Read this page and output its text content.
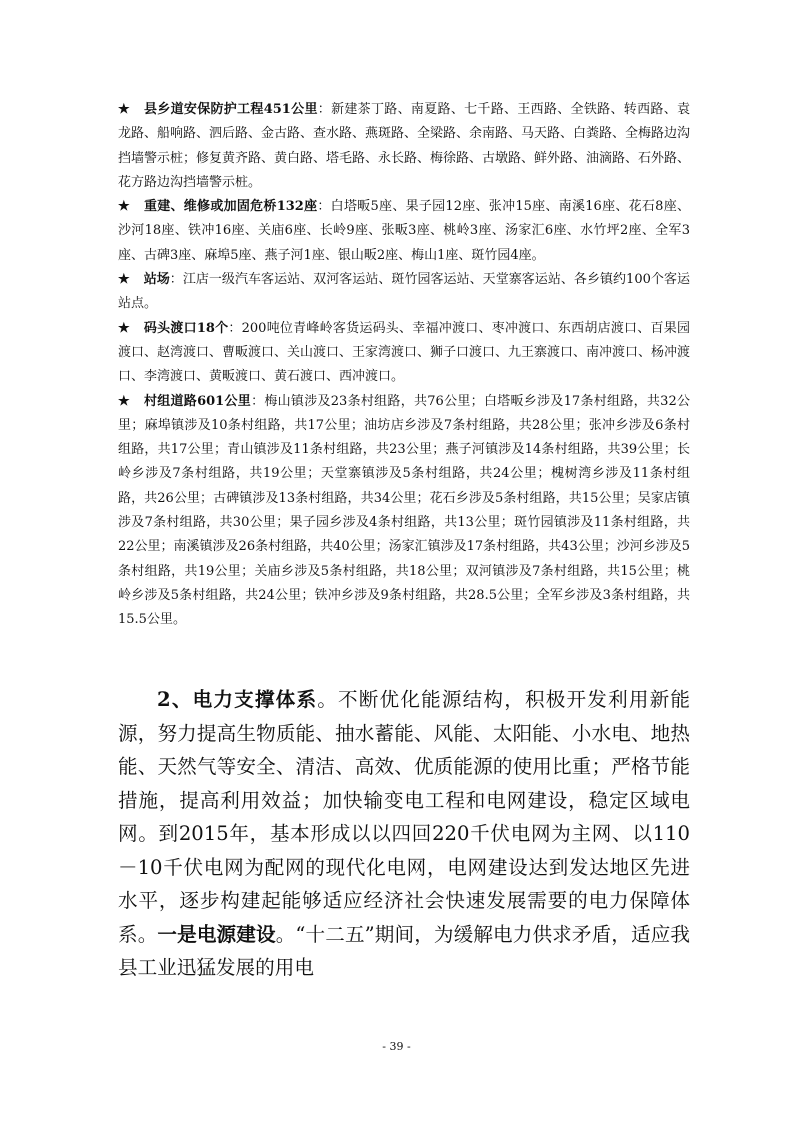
★ 县乡道安保防护工程451公里：新建茶丁路、南夏路、七千路、王西路、全铁路、转西路、袁龙路、船响路、泗后路、金古路、查水路、燕斑路、全梁路、余南路、马天路、白粪路、全梅路边沟挡墙警示桩；修复黄齐路、黄白路、塔毛路、永长路、梅徐路、古墩路、鲜外路、油滴路、石外路、花方路边沟挡墙警示桩。

★ 重建、维修或加固危桥132座：白塔畈5座、果子园12座、张冲15座、南溪16座、花石8座、沙河18座、铁冲16座、关庙6座、长岭9座、张畈3座、桃岭3座、汤家汇6座、水竹坪2座、全军3座、古碑3座、麻埠5座、燕子河1座、银山畈2座、梅山1座、斑竹园4座。

★ 站场：江店一级汽车客运站、双河客运站、斑竹园客运站、天堂寨客运站、各乡镇约100个客运站点。

★ 码头渡口18个：200吨位青峰岭客货运码头、幸福冲渡口、枣冲渡口、东西胡店渡口、百果园渡口、赵湾渡口、曹畈渡口、关山渡口、王家湾渡口、狮子口渡口、九王寨渡口、南冲渡口、杨冲渡口、李湾渡口、黄畈渡口、黄石渡口、西冲渡口。

★ 村组道路601公里：梅山镇涉及23条村组路，共76公里；白塔畈乡涉及17条村组路，共32公里；麻埠镇涉及10条村组路，共17公里；油坊店乡涉及7条村组路，共28公里；张冲乡涉及6条村组路，共17公里；青山镇涉及11条村组路，共23公里；燕子河镇涉及14条村组路，共39公里；长岭乡涉及7条村组路，共19公里；天堂寨镇涉及5条村组路，共24公里；槐树湾乡涉及11条村组路，共26公里；古碑镇涉及13条村组路，共34公里；花石乡涉及5条村组路，共15公里；吴家店镇涉及7条村组路，共30公里；果子园乡涉及4条村组路，共13公里；斑竹园镇涉及11条村组路，共22公里；南溪镇涉及26条村组路，共40公里；汤家汇镇涉及17条村组路，共43公里；沙河乡涉及5条村组路，共19公里；关庙乡涉及5条村组路，共18公里；双河镇涉及7条村组路，共15公里；桃岭乡涉及5条村组路，共24公里；铁冲乡涉及9条村组路，共28.5公里；全军乡涉及3条村组路，共15.5公里。

2、电力支撑体系。不断优化能源结构，积极开发利用新能源，努力提高生物质能、抽水蓄能、风能、太阳能、小水电、地热能、天然气等安全、清洁、高效、优质能源的使用比重；严格节能措施，提高利用效益；加快输变电工程和电网建设，稳定区域电网。到2015年，基本形成以以四回220千伏电网为主网、以110－10千伏电网为配网的现代化电网，电网建设达到发达地区先进水平，逐步构建起能够适应经济社会快速发展需要的电力保障体系。一是电源建设。“十二五”期间，为缓解电力供求矛盾，适应我县工业迅猛发展的用电

- 39 -
